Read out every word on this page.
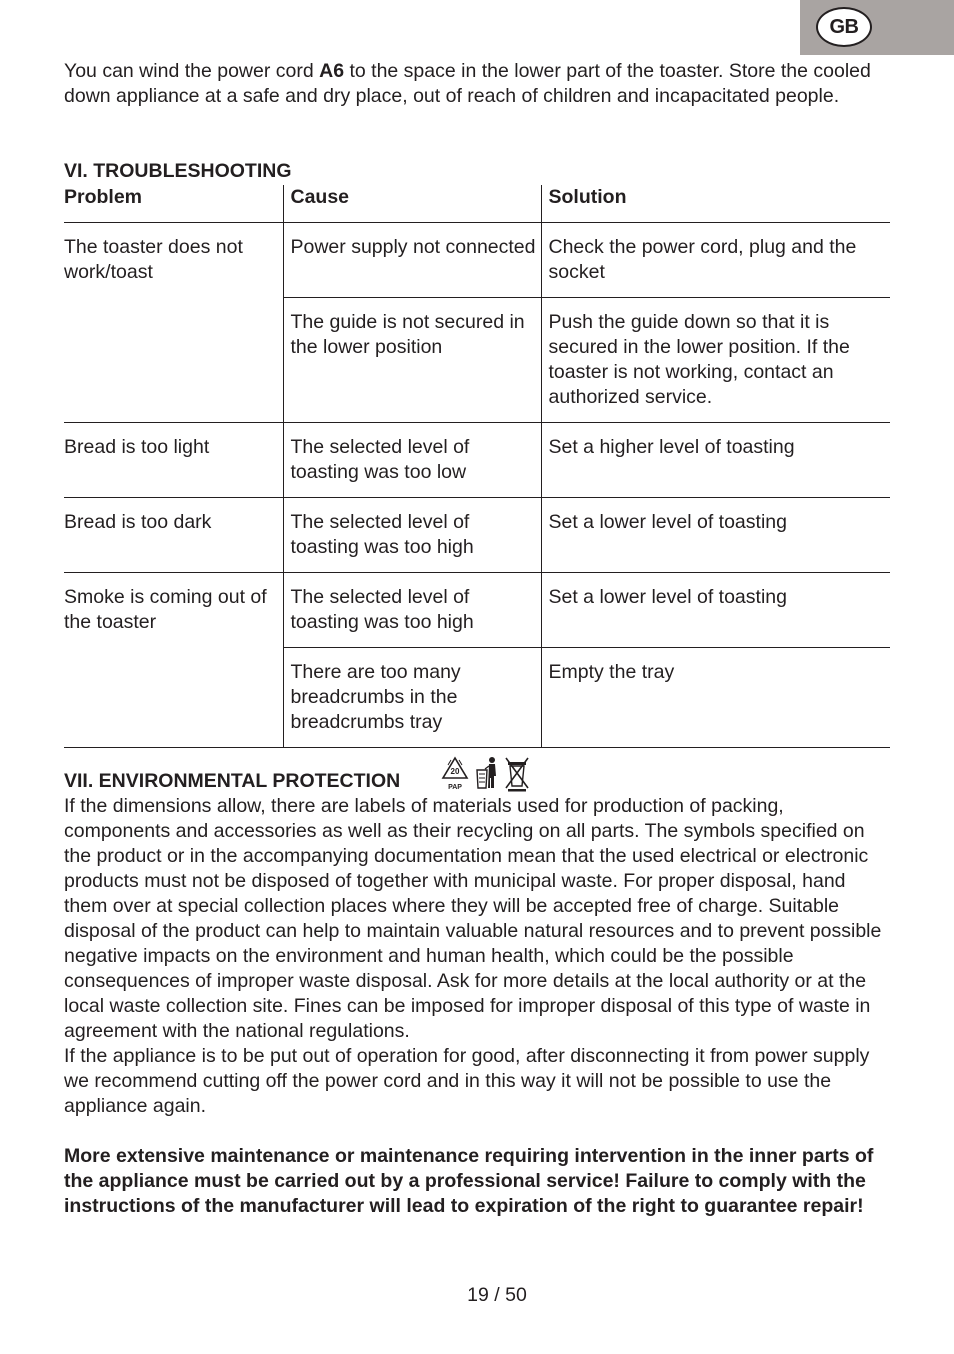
GB

You can wind the power cord A6 to the space in the lower part of the toaster. Store the cooled down appliance at a safe and dry place, out of reach of children and incapacitated people.

VI. TROUBLESHOOTING
Problem	Cause	Solution
The toaster does not work/toast	Power supply not connected	Check the power cord, plug and the socket
	The guide is not secured in the lower position	Push the guide down so that it is secured in the lower position. If the toaster is not working, contact an authorized service.
Bread is too light	The selected level of toasting was too low	Set a higher level of toasting
Bread is too dark	The selected level of toasting was too high	Set a lower level of toasting
Smoke is coming out of the toaster	The selected level of toasting was too high	Set a lower level of toasting
	There are too many breadcrumbs in the breadcrumbs tray	Empty the tray
VII. ENVIRONMENTAL PROTECTION	20
PAP

If the dimensions allow, there are labels of materials used for production of packing, components and accessories as well as their recycling on all parts. The symbols specified on the product or in the accompanying documentation mean that the used electrical or electronic products must not be disposed of together with municipal waste. For proper disposal, hand them over at special collection places where they will be accepted free of charge. Suitable disposal of the product can help to maintain valuable natural resources and to prevent possible negative impacts on the environment and human health, which could be the possible consequences of improper waste disposal. Ask for more details at the local authority or at the local waste collection site. Fines can be imposed for improper disposal of this type of waste in agreement with the national regulations.

If the appliance is to be put out of operation for good, after disconnecting it from power supply we recommend cutting off the power cord and in this way it will not be possible to use the appliance again.

More extensive maintenance or maintenance requiring intervention in the inner parts of the appliance must be carried out by a professional service! Failure to comply with the instructions of the manufacturer will lead to expiration of the right to guarantee repair!

19 / 50
